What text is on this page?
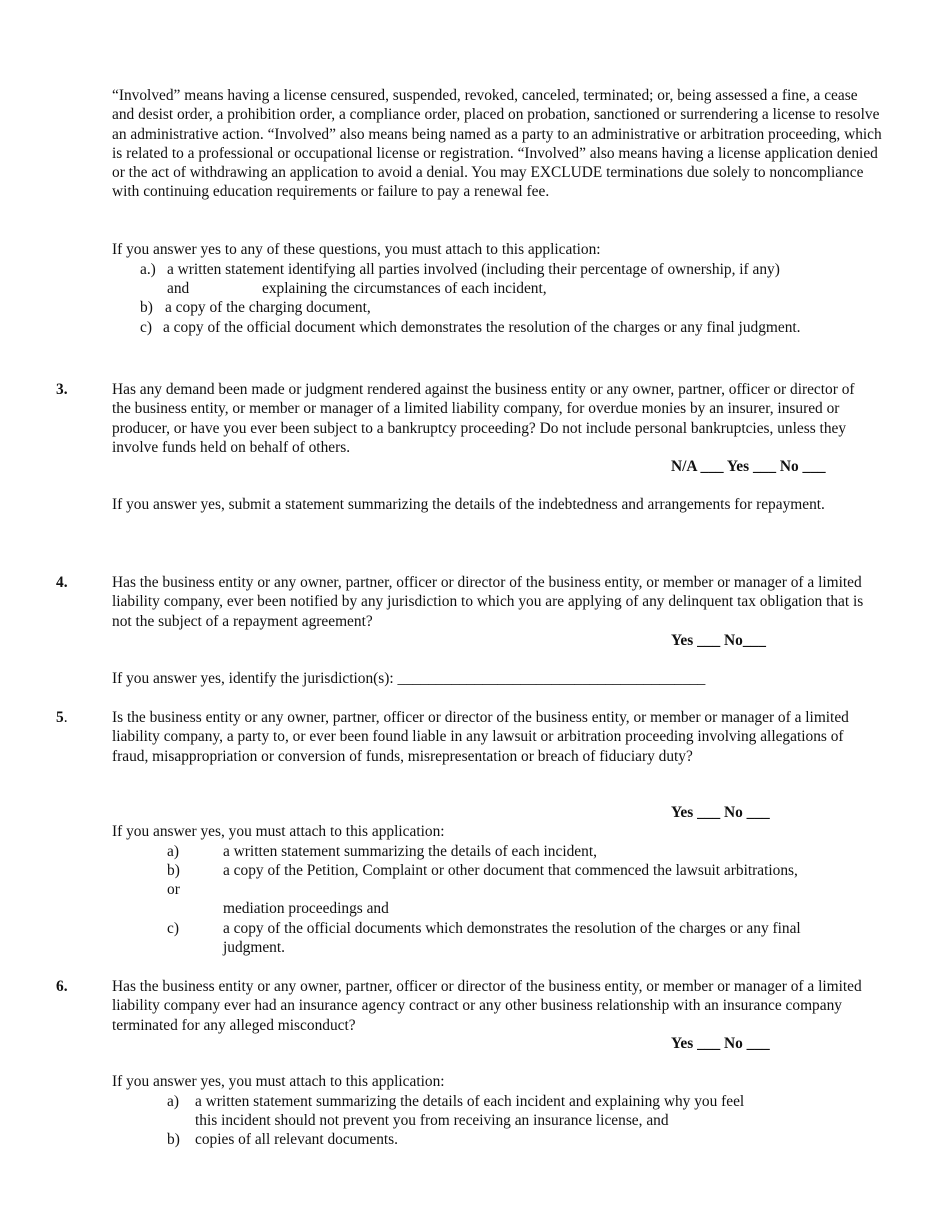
“Involved” means having a license censured, suspended, revoked, canceled, terminated; or, being assessed a fine, a cease and desist order, a prohibition order, a compliance order, placed on probation, sanctioned or surrendering a license to resolve an administrative action. “Involved” also means being named as a party to an administrative or arbitration proceeding, which is related to a professional or occupational license or registration. “Involved” also means having a license application denied or the act of withdrawing an application to avoid a denial. You may EXCLUDE terminations due solely to noncompliance with continuing education requirements or failure to pay a renewal fee.
If you answer yes to any of these questions, you must attach to this application:
a.) a written statement identifying all parties involved (including their percentage of ownership, if any)
and	explaining the circumstances of each incident,
b) a copy of the charging document,
c) a copy of the official document which demonstrates the resolution of the charges or any final judgment.
3.	Has any demand been made or judgment rendered against the business entity or any owner, partner, officer or director of the business entity, or member or manager of a limited liability company, for overdue monies by an insurer, insured or producer, or have you ever been subject to a bankruptcy proceeding? Do not include personal bankruptcies, unless they involve funds held on behalf of others.
N/A ___ Yes ___ No ___
If you answer yes, submit a statement summarizing the details of the indebtedness and arrangements for repayment.
4.	Has the business entity or any owner, partner, officer or director of the business entity, or member or manager of a limited liability company, ever been notified by any jurisdiction to which you are applying of any delinquent tax obligation that is not the subject of a repayment agreement?
Yes ___ No___
If you answer yes, identify the jurisdiction(s): ________________________________________
5.	Is the business entity or any owner, partner, officer or director of the business entity, or member or manager of a limited liability company, a party to, or ever been found liable in any lawsuit or arbitration proceeding involving allegations of fraud, misappropriation or conversion of funds, misrepresentation or breach of fiduciary duty?
Yes ___ No ___
If you answer yes, you must attach to this application:
a)	a written statement summarizing the details of each incident,
b)	a copy of the Petition, Complaint or other document that commenced the lawsuit arbitrations,
or
mediation proceedings and
c)	a copy of the official documents which demonstrates the resolution of the charges or any final
judgment.
6.	Has the business entity or any owner, partner, officer or director of the business entity, or member or manager of a limited liability company ever had an insurance agency contract or any other business relationship with an insurance company terminated for any alleged misconduct?
Yes ___ No ___
If you answer yes, you must attach to this application:
a) a written statement summarizing the details of each incident and explaining why you feel
this incident should not prevent you from receiving an insurance license, and
b) copies of all relevant documents.
